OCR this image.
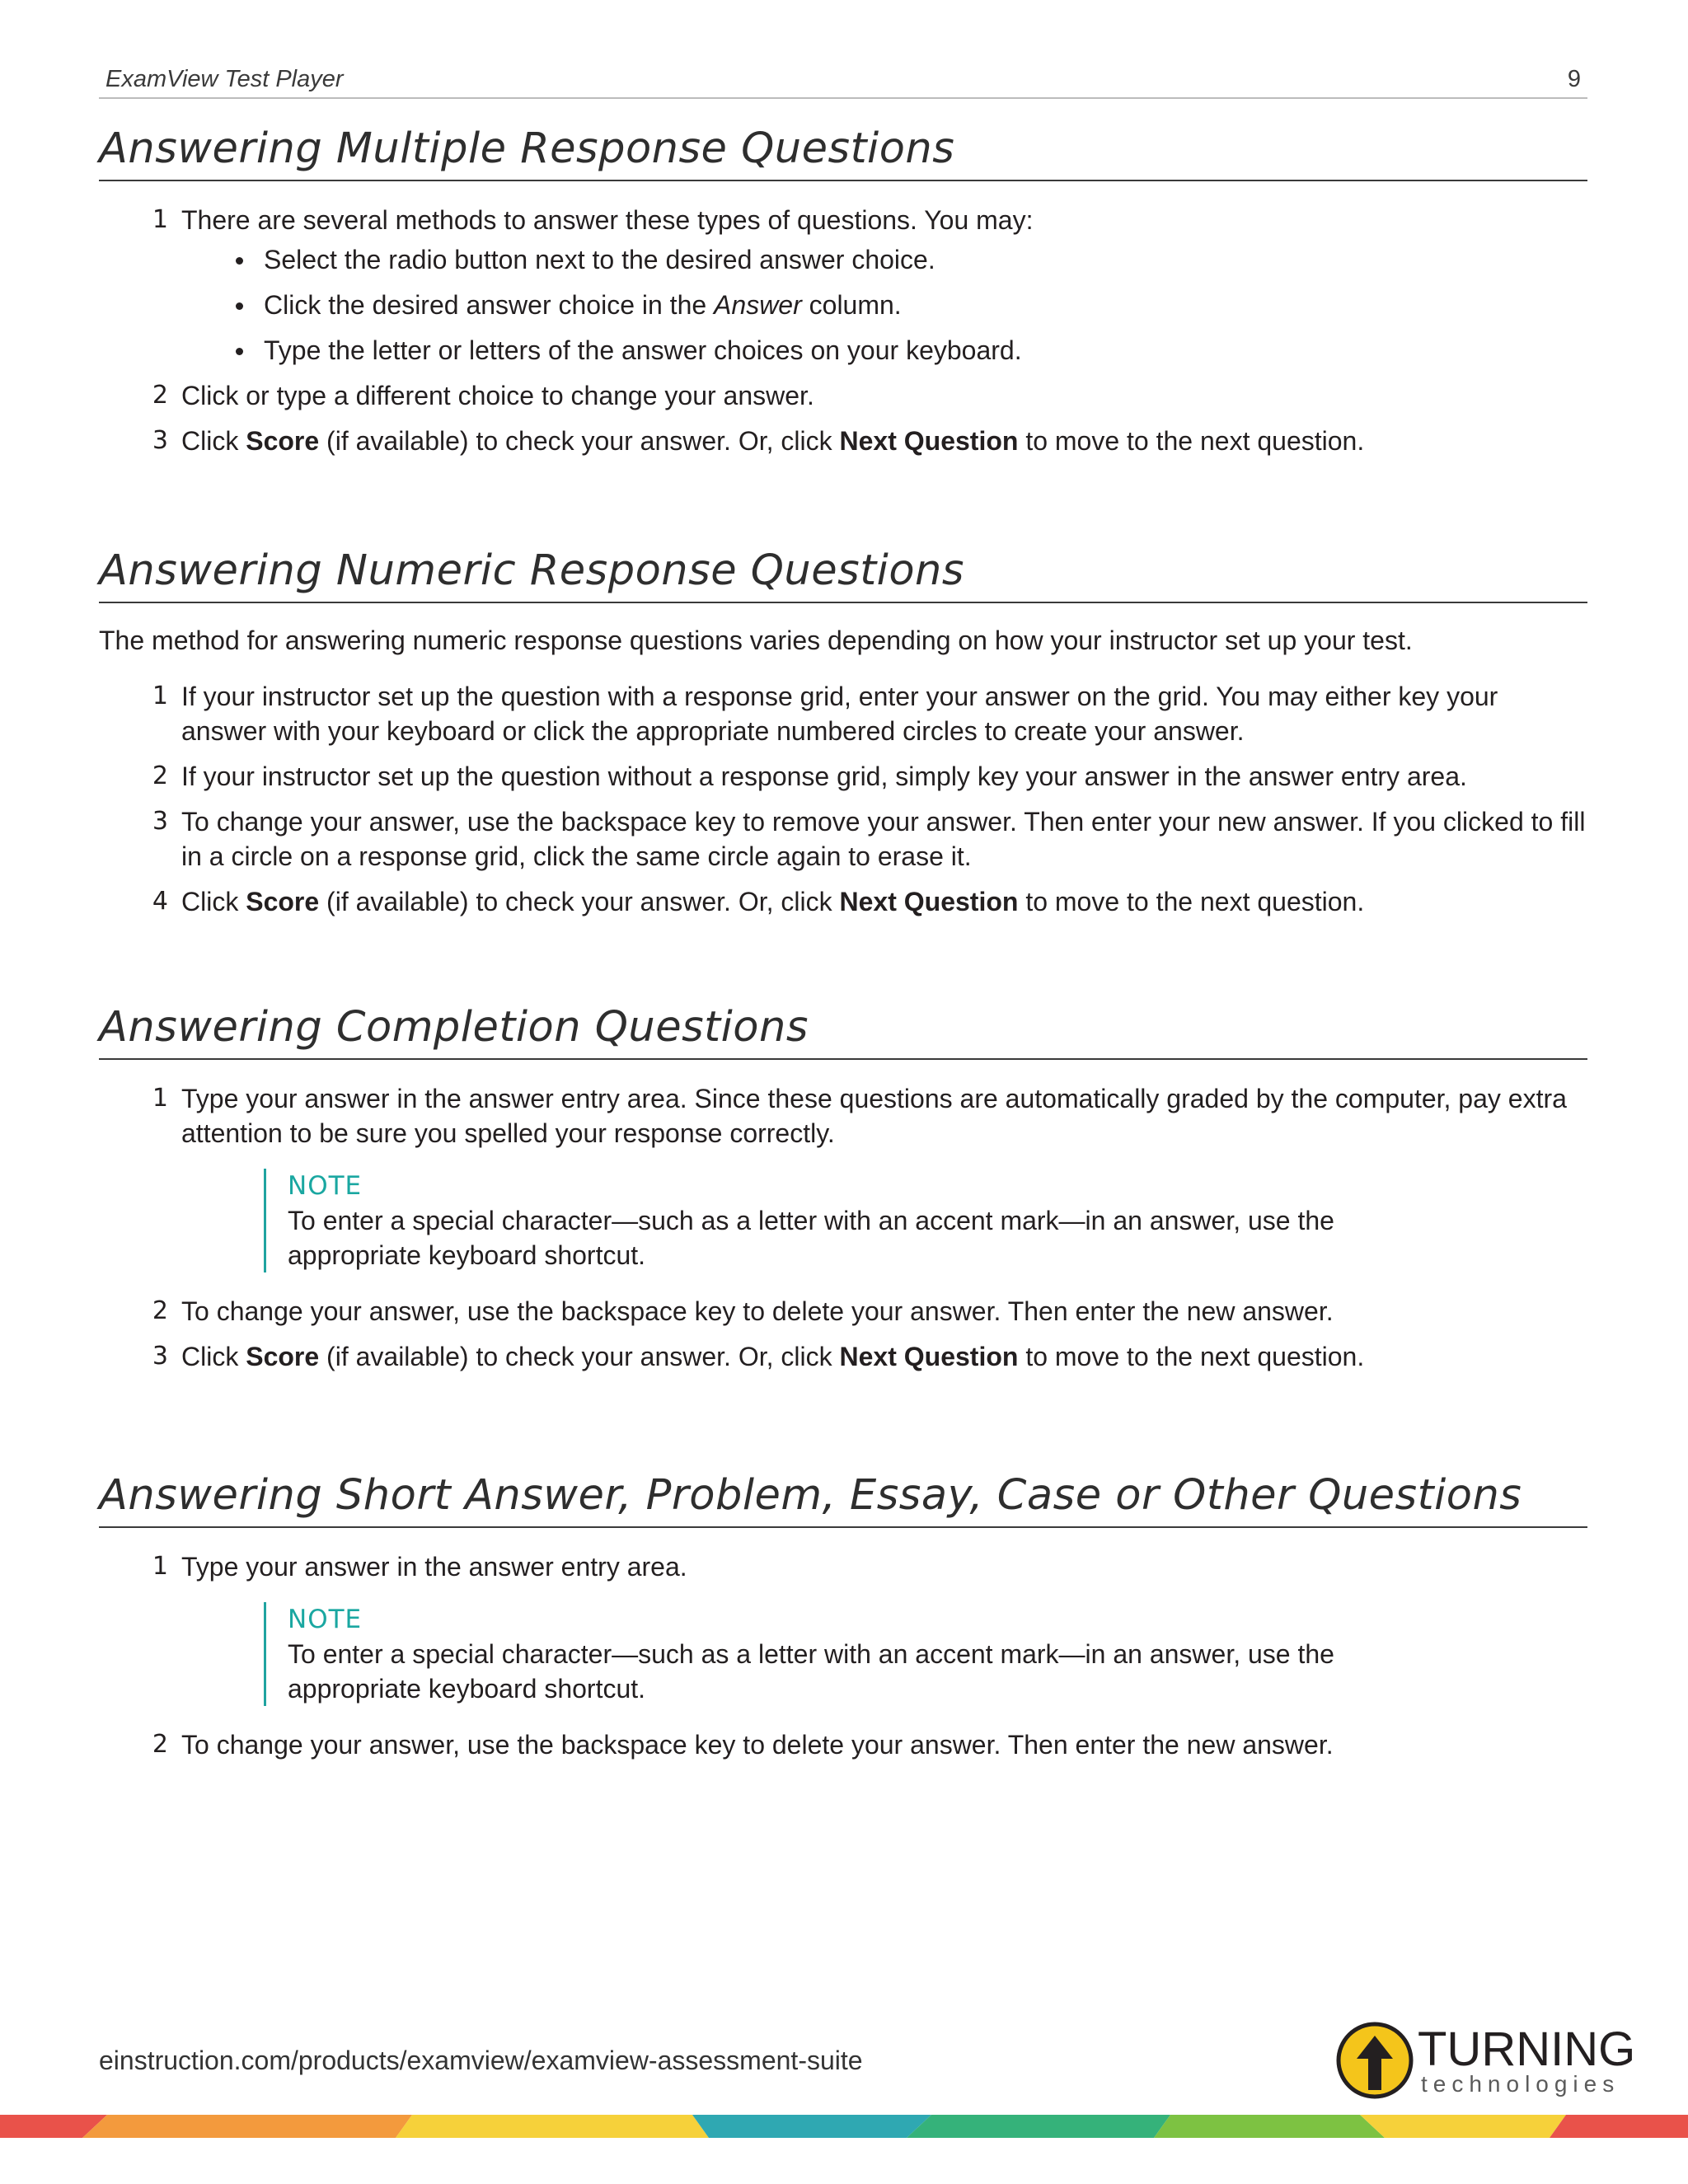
ExamView Test Player	9
Answering Multiple Response Questions
1 There are several methods to answer these types of questions. You may:
Select the radio button next to the desired answer choice.
Click the desired answer choice in the Answer column.
Type the letter or letters of the answer choices on your keyboard.
2 Click or type a different choice to change your answer.
3 Click Score (if available) to check your answer. Or, click Next Question to move to the next question.
Answering Numeric Response Questions

The method for answering numeric response questions varies depending on how your instructor set up your test.

1 If your instructor set up the question with a response grid, enter your answer on the grid. You may either key your answer with your keyboard or click the appropriate numbered circles to create your answer.
2 If your instructor set up the question without a response grid, simply key your answer in the answer entry area.
3 To change your answer, use the backspace key to remove your answer. Then enter your new answer. If you clicked to fill in a circle on a response grid, click the same circle again to erase it.
4 Click Score (if available) to check your answer. Or, click Next Question to move to the next question.
Answering Completion Questions
1 Type your answer in the answer entry area. Since these questions are automatically graded by the computer, pay extra attention to be sure you spelled your response correctly.
NOTE
To enter a special character—such as a letter with an accent mark—in an answer, use the appropriate keyboard shortcut.
2 To change your answer, use the backspace key to delete your answer. Then enter the new answer.
3 Click Score (if available) to check your answer. Or, click Next Question to move to the next question.
Answering Short Answer, Problem, Essay, Case or Other Questions
1 Type your answer in the answer entry area.
NOTE
To enter a special character—such as a letter with an accent mark—in an answer, use the appropriate keyboard shortcut.
2 To change your answer, use the backspace key to delete your answer. Then enter the new answer.
einstruction.com/products/examview/examview-assessment-suite	TURNING
technologies
